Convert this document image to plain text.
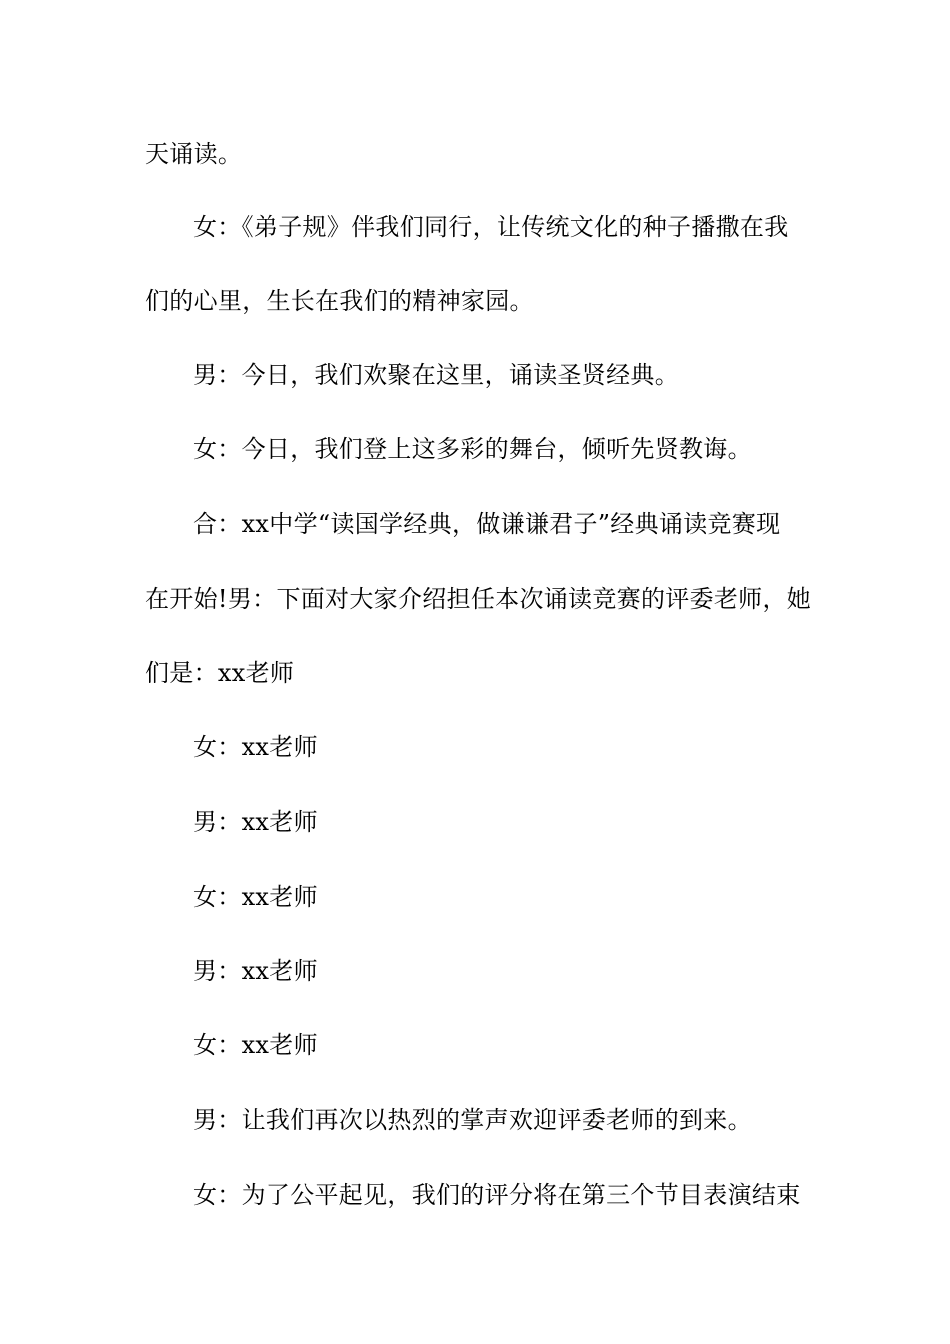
天诵读。
女：《弟子规》伴我们同行，让传统文化的种子播撒在我
们的心里，生长在我们的精神家园。
男：今日，我们欢聚在这里，诵读圣贤经典。
女：今日，我们登上这多彩的舞台，倾听先贤教诲。
合：xx中学“读国学经典，做谦谦君子”经典诵读竞赛现
在开始!男：下面对大家介绍担任本次诵读竞赛的评委老师，她
们是：xx老师
女：xx老师
男：xx老师
女：xx老师
男：xx老师
女：xx老师
男：让我们再次以热烈的掌声欢迎评委老师的到来。
女：为了公平起见，我们的评分将在第三个节目表演结束
